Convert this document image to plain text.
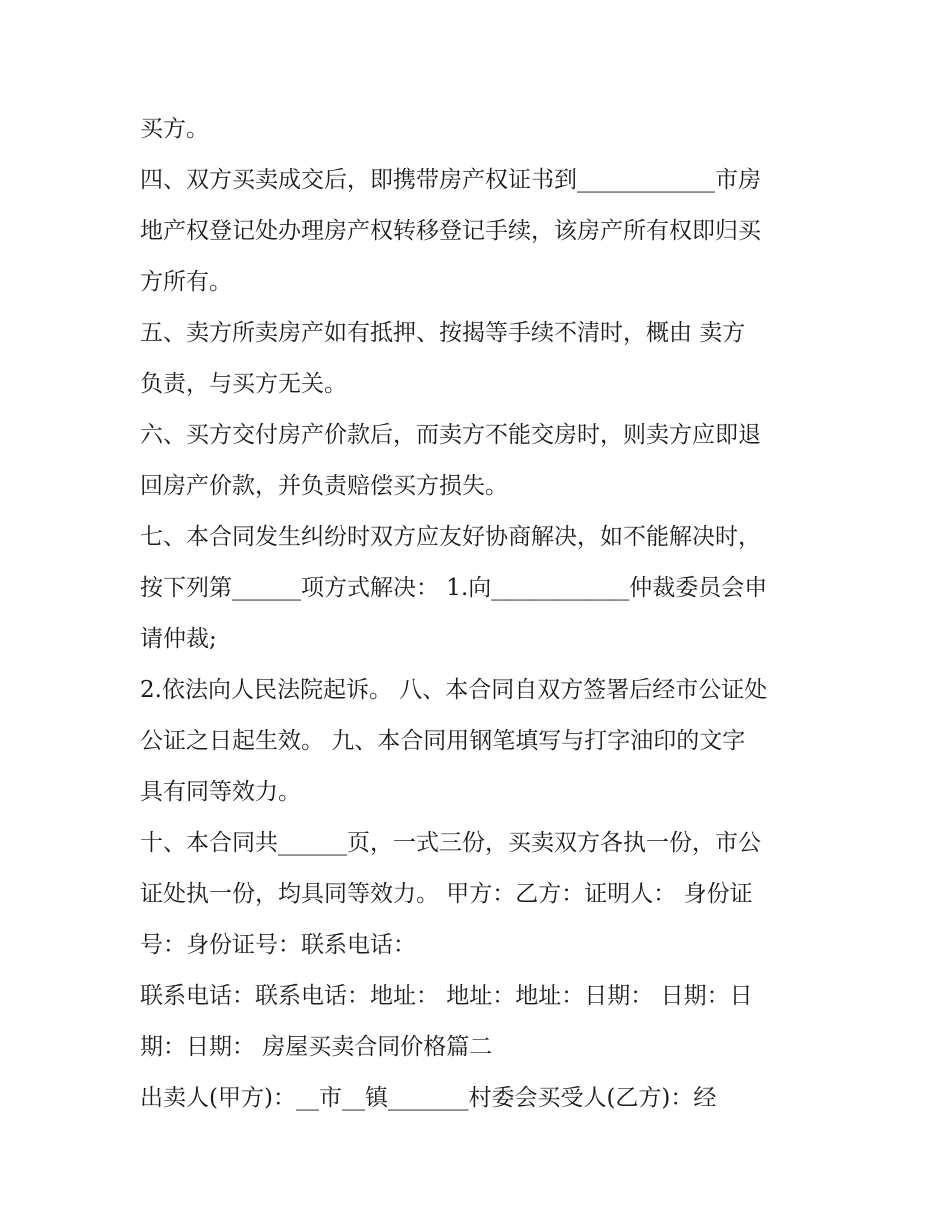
买方。
四、双方买卖成交后，即携带房产权证书到____________市房
地产权登记处办理房产权转移登记手续，该房产所有权即归买
方所有。
五、卖方所卖房产如有抵押、按揭等手续不清时，概由 卖方
负责，与买方无关。
六、买方交付房产价款后，而卖方不能交房时，则卖方应即退
回房产价款，并负责赔偿买方损失。
七、本合同发生纠纷时双方应友好协商解决，如不能解决时，
按下列第______项方式解决： 1.向____________仲裁委员会申
请仲裁;
2.依法向人民法院起诉。 八、本合同自双方签署后经市公证处
公证之日起生效。 九、本合同用钢笔填写与打字油印的文字
具有同等效力。
十、本合同共______页，一式三份，买卖双方各执一份，市公
证处执一份，均具同等效力。 甲方：乙方：证明人： 身份证
号：身份证号：联系电话：
联系电话：联系电话：地址： 地址：地址：日期： 日期：日
期：日期： 房屋买卖合同价格篇二
出卖人(甲方)：__市__镇_______村委会买受人(乙方)：经
